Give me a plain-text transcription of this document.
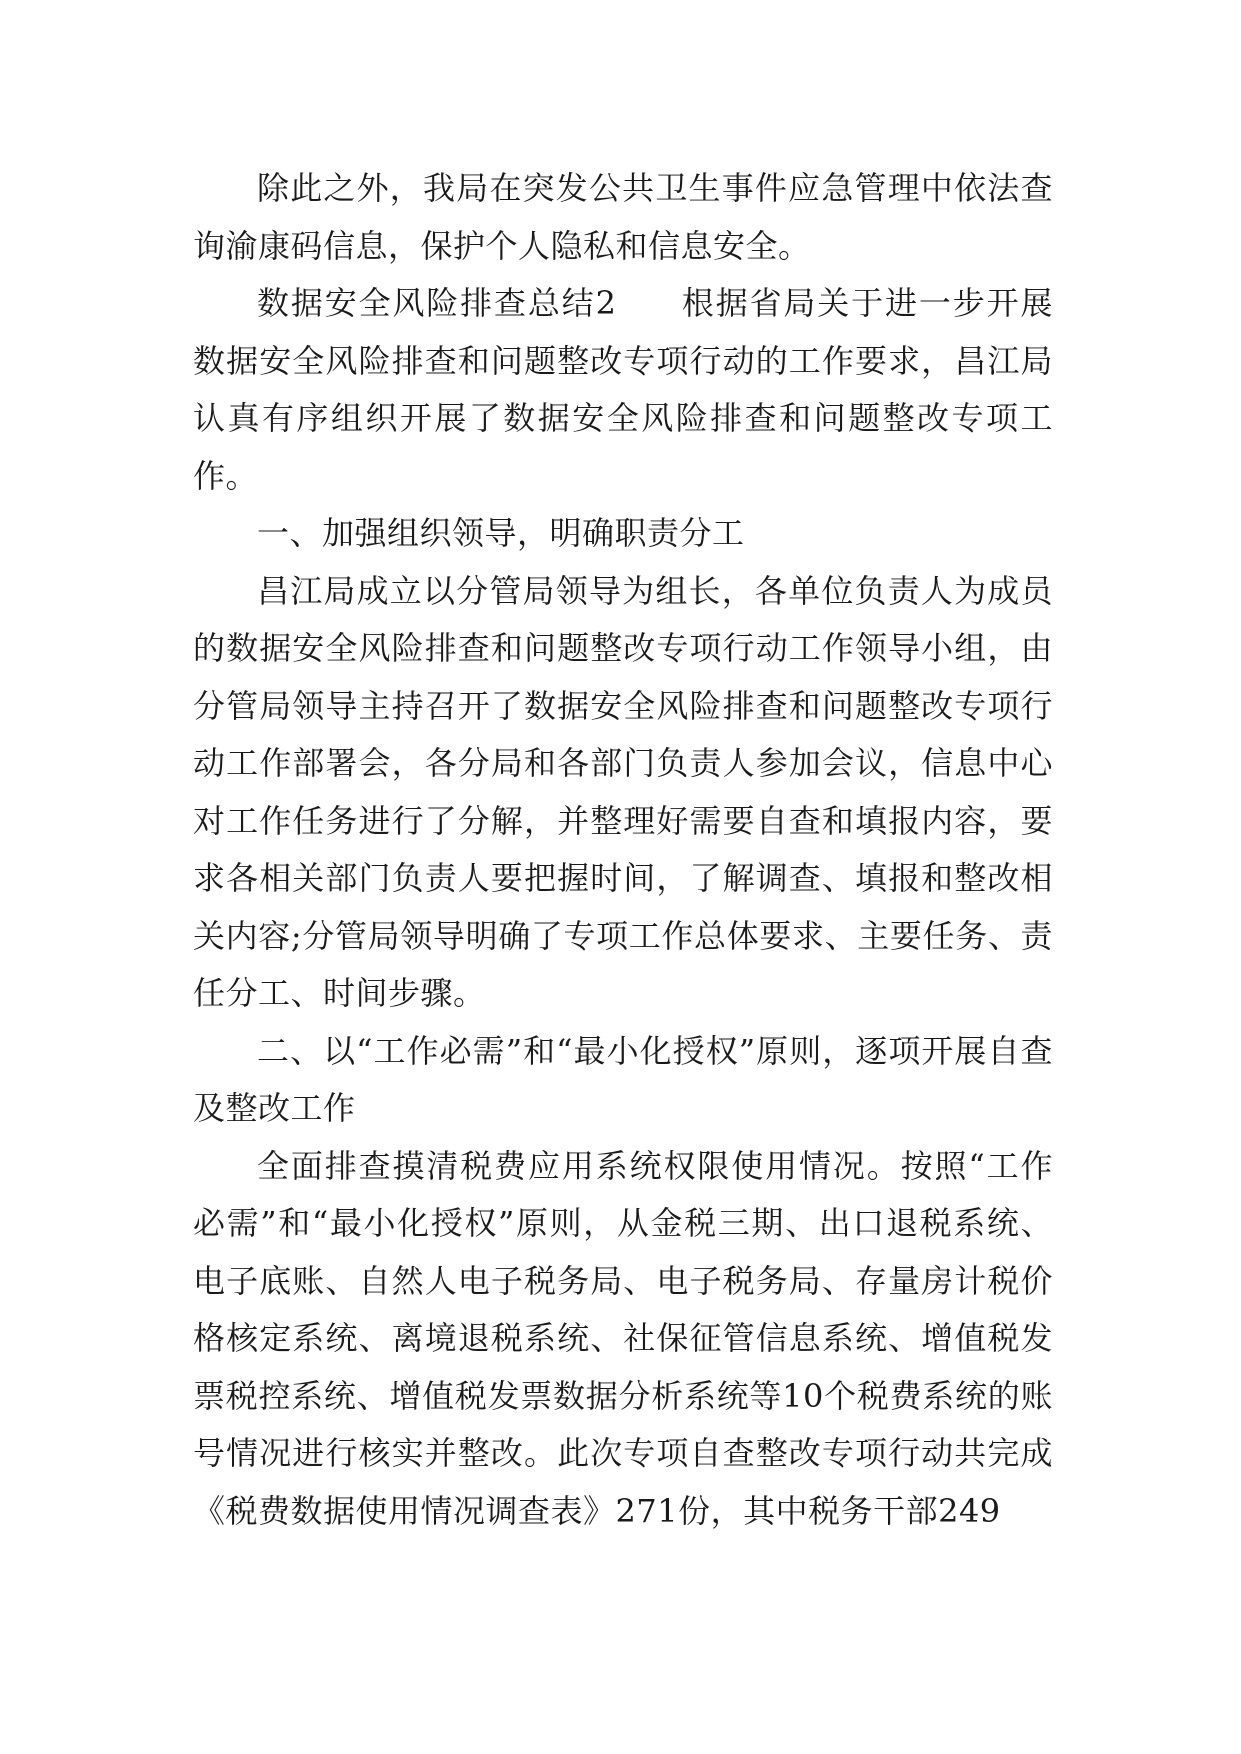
除此之外，我局在突发公共卫生事件应急管理中依法查询渝康码信息，保护个人隐私和信息安全。

数据安全风险排查总结2 根据省局关于进一步开展数据安全风险排查和问题整改专项行动的工作要求，昌江局认真有序组织开展了数据安全风险排查和问题整改专项工作。

一、加强组织领导，明确职责分工

昌江局成立以分管局领导为组长，各单位负责人为成员的数据安全风险排查和问题整改专项行动工作领导小组，由分管局领导主持召开了数据安全风险排查和问题整改专项行动工作部署会，各分局和各部门负责人参加会议，信息中心对工作任务进行了分解，并整理好需要自查和填报内容，要求各相关部门负责人要把握时间，了解调查、填报和整改相关内容;分管局领导明确了专项工作总体要求、主要任务、责任分工、时间步骤。

二、以“工作必需”和“最小化授权”原则，逐项开展自查及整改工作

全面排查摸清税费应用系统权限使用情况。按照“工作必需”和“最小化授权”原则，从金税三期、出口退税系统、电子底账、自然人电子税务局、电子税务局、存量房计税价格核定系统、离境退税系统、社保征管信息系统、增值税发票税控系统、增值税发票数据分析系统等10个税费系统的账号情况进行核实并整改。此次专项自查整改专项行动共完成《税费数据使用情况调查表》271份，其中税务干部249
